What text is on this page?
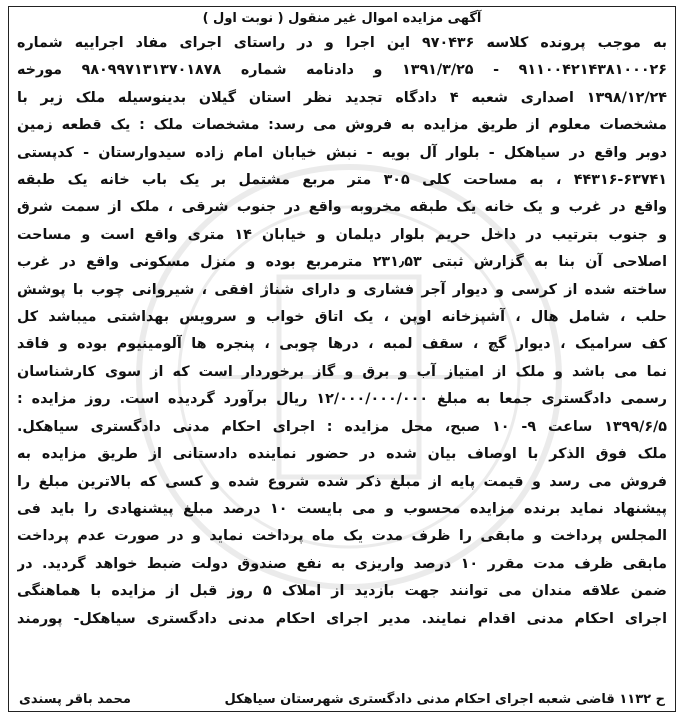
آگهی مزایده اموال غیر منقول ( نوبت اول )
به موجب پرونده کلاسه ۹۷۰۴۳۶ این اجرا و در راستای اجرای مفاد اجراییه شماره
۹۱۱۰۰۴۲۱۴۳۸۱۰۰۰۲۶ - ۱۳۹۱/۳/۲۵ و دادنامه شماره ۹۸۰۹۹۷۱۳۱۳۷۰۱۸۷۸ مورخه
۱۳۹۸/۱۲/۲۴ اصداری شعبه ۴ دادگاه تجدید نظر استان گیلان بدینوسیله ملک زیر با
مشخصات معلوم از طریق مزایده به فروش می رسد: مشخصات ملک : یک قطعه زمین
دوبر واقع در سیاهکل - بلوار آل بویه - نبش خیابان امام زاده سیدوارستان - کدپستی
۴۴۳۱۶-۶۳۷۴۱ ، به مساحت کلی ۳۰۵ متر مربع مشتمل بر یک باب خانه یک طبقه
واقع در غرب و یک خانه یک طبقه مخروبه واقع در جنوب شرقی ، ملک از سمت شرق
و جنوب بترتیب در داخل حریم بلوار دیلمان و خیابان ۱۴ متری واقع است و مساحت
اصلاحی آن بنا به گزارش ثبتی ۲۳۱٫۵۳ مترمربع بوده و منزل مسکونی واقع در غرب
ساخته شده از کرسی و دیوار آجر فشاری و دارای شناژ افقی ، شیروانی چوب با پوشش
حلب ، شامل هال ، آشپزخانه اوپن ، یک اتاق خواب و سرویس بهداشتی میباشد کل
کف سرامیک ، دیوار گچ ، سقف لمبه ، درها چوبی ، پنجره ها آلومینیوم بوده و فاقد
نما می باشد و ملک از امتیاز آب و برق و گاز برخوردار است که از سوی کارشناسان
رسمی دادگستری جمعا به مبلغ ۱۲/۰۰۰/۰۰۰/۰۰۰ ریال برآورد گردیده است. روز مزایده :
۱۳۹۹/۶/۵ ساعت ۹- ۱۰ صبح، محل مزایده : اجرای احکام مدنی دادگستری سیاهکل.
ملک فوق الذکر با اوصاف بیان شده در حضور نماینده دادستانی از طریق مزایده به
فروش می رسد و قیمت پایه از مبلغ ذکر شده شروع شده و کسی که بالاترین مبلغ را
پیشنهاد نماید برنده مزایده محسوب و می بایست ۱۰ درصد مبلغ پیشنهادی را باید فی
المجلس پرداخت و مابقی را ظرف مدت یک ماه پرداخت نماید و در صورت عدم پرداخت
مابقی ظرف مدت مقرر ۱۰ درصد واریزی به نفع صندوق دولت ضبط خواهد گردید. در
ضمن علاقه مندان می توانند جهت بازدید از املاک ۵ روز قبل از مزایده با هماهنگی
اجرای احکام مدنی اقدام نمایند. مدیر اجرای احکام مدنی دادگستری سیاهکل- پورمند
ح ۱۱۳۲ قاضی شعبه اجرای احکام مدنی دادگستری شهرستان سیاهکل
محمد باقر پسندی
